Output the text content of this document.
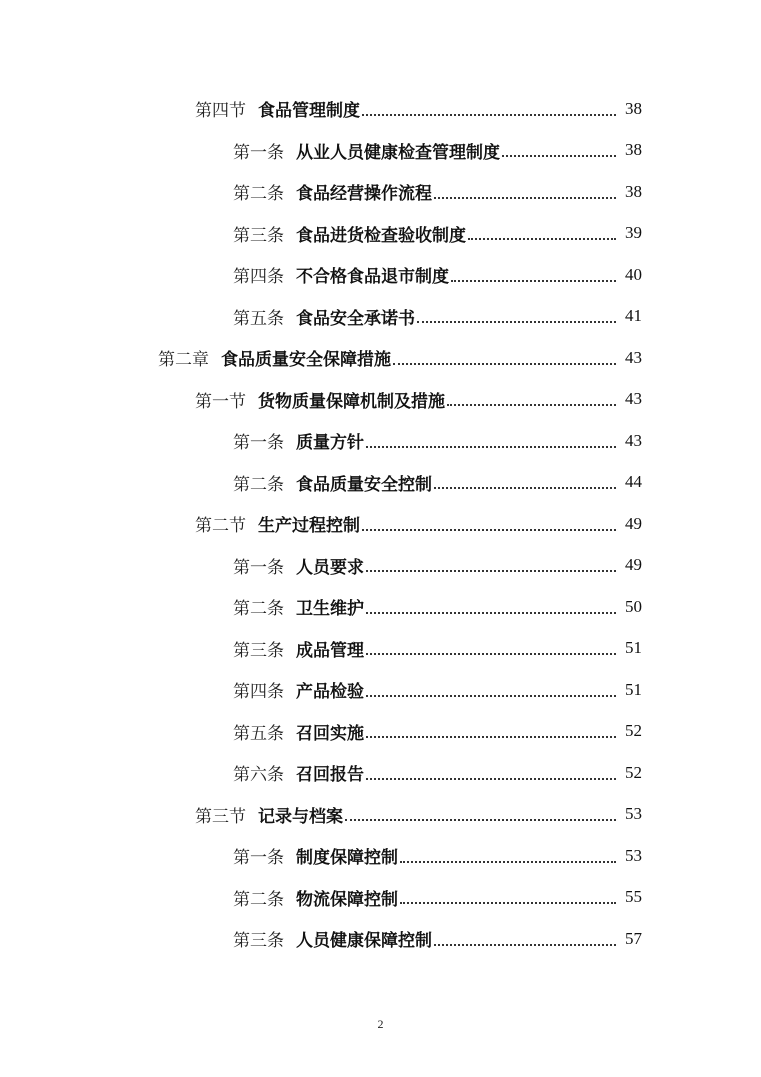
第四节 食品管理制度	38
第一条 从业人员健康检查管理制度	38
第二条 食品经营操作流程	38
第三条 食品进货检查验收制度	39
第四条 不合格食品退市制度	40
第五条 食品安全承诺书	41
第二章 食品质量安全保障措施	43
第一节 货物质量保障机制及措施	43
第一条 质量方针	43
第二条 食品质量安全控制	44
第二节 生产过程控制	49
第一条 人员要求	49
第二条 卫生维护	50
第三条 成品管理	51
第四条 产品检验	51
第五条 召回实施	52
第六条 召回报告	52
第三节 记录与档案	53
第一条 制度保障控制	53
第二条 物流保障控制	55
第三条 人员健康保障控制	57
2
